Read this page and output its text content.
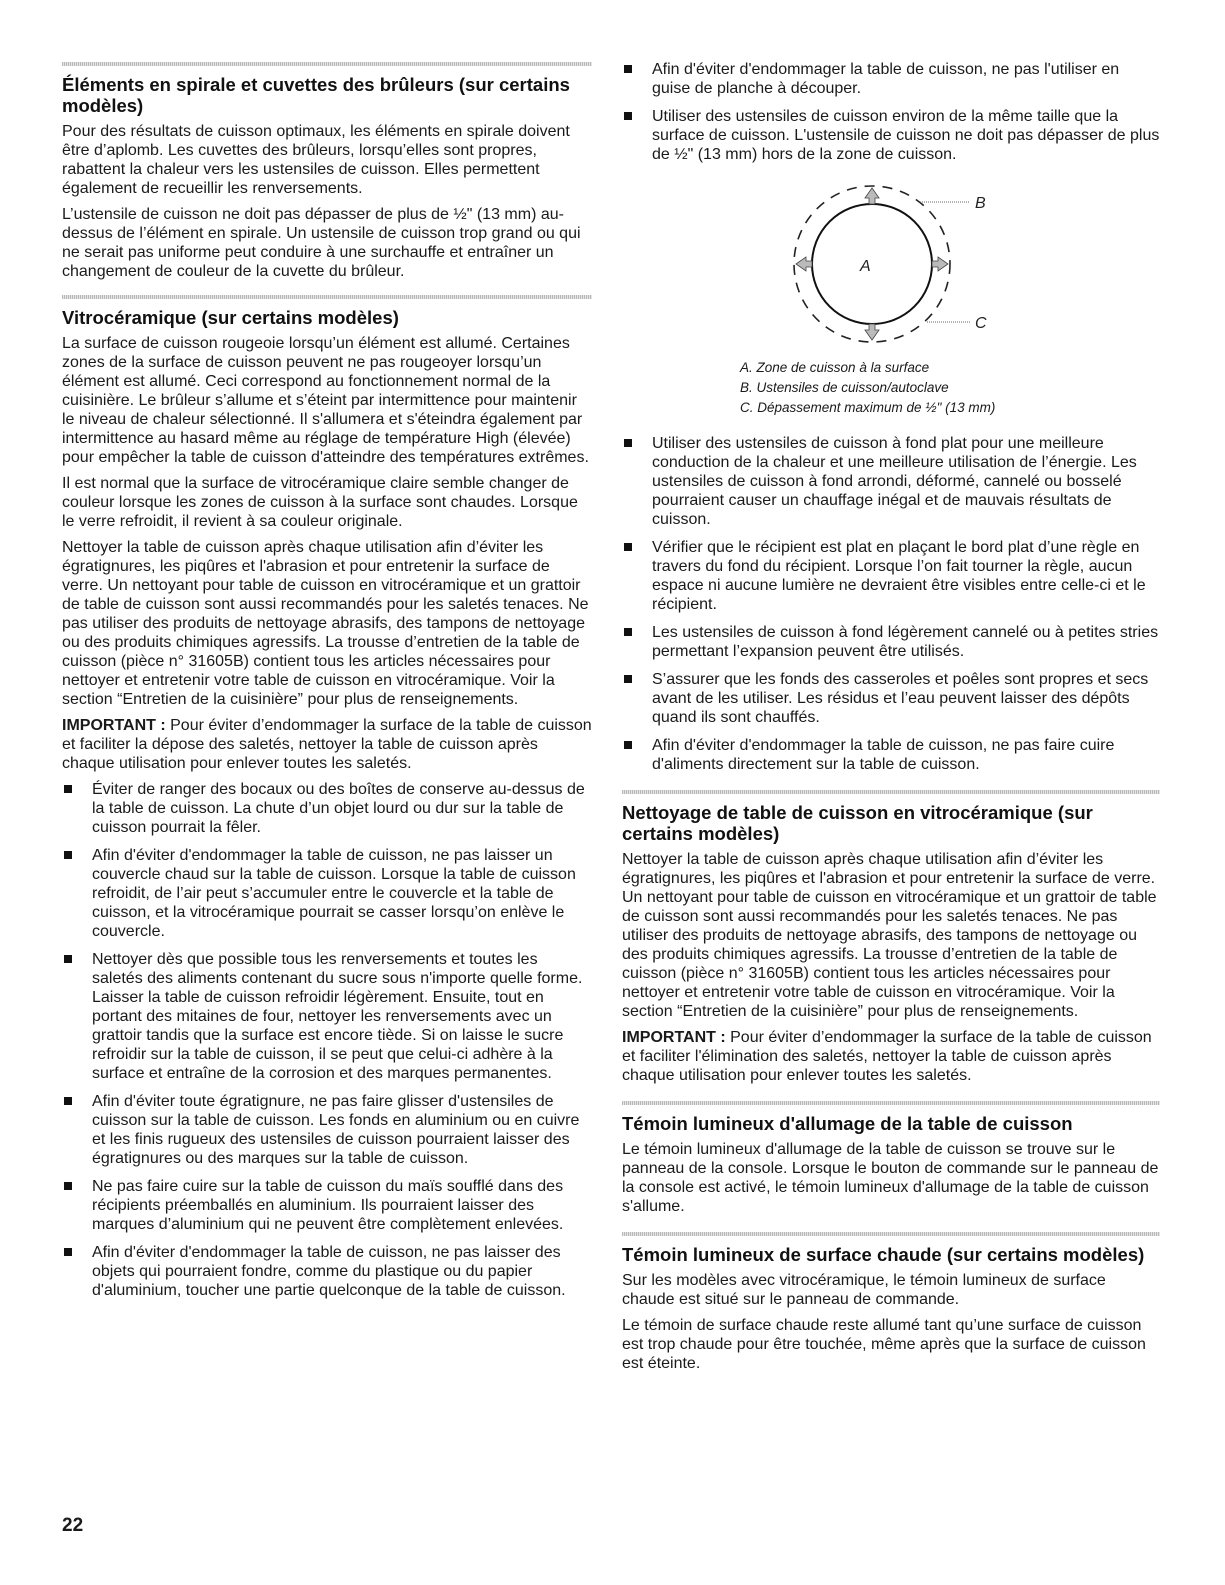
Éléments en spirale et cuvettes des brûleurs (sur certains modèles)

Pour des résultats de cuisson optimaux, les éléments en spirale doivent être d’aplomb. Les cuvettes des brûleurs, lorsqu’elles sont propres, rabattent la chaleur vers les ustensiles de cuisson. Elles permettent également de recueillir les renversements.

L’ustensile de cuisson ne doit pas dépasser de plus de ½" (13 mm) au-dessus de l’élément en spirale. Un ustensile de cuisson trop grand ou qui ne serait pas uniforme peut conduire à une surchauffe et entraîner un changement de couleur de la cuvette du brûleur.

Vitrocéramique (sur certains modèles)

La surface de cuisson rougeoie lorsqu’un élément est allumé. Certaines zones de la surface de cuisson peuvent ne pas rougeoyer lorsqu’un élément est allumé. Ceci correspond au fonctionnement normal de la cuisinière. Le brûleur s’allume et s’éteint par intermittence pour maintenir le niveau de chaleur sélectionné. Il s'allumera et s'éteindra également par intermittence au hasard même au réglage de température High (élevée) pour empêcher la table de cuisson d'atteindre des températures extrêmes.

Il est normal que la surface de vitrocéramique claire semble changer de couleur lorsque les zones de cuisson à la surface sont chaudes. Lorsque le verre refroidit, il revient à sa couleur originale.

Nettoyer la table de cuisson après chaque utilisation afin d’éviter les égratignures, les piqûres et l'abrasion et pour entretenir la surface de verre. Un nettoyant pour table de cuisson en vitrocéramique et un grattoir de table de cuisson sont aussi recommandés pour les saletés tenaces. Ne pas utiliser des produits de nettoyage abrasifs, des tampons de nettoyage ou des produits chimiques agressifs. La trousse d’entretien de la table de cuisson (pièce n° 31605B) contient tous les articles nécessaires pour nettoyer et entretenir votre table de cuisson en vitrocéramique. Voir la section “Entretien de la cuisinière” pour plus de renseignements.

IMPORTANT : Pour éviter d’endommager la surface de la table de cuisson et faciliter la dépose des saletés, nettoyer la table de cuisson après chaque utilisation pour enlever toutes les saletés.

Éviter de ranger des bocaux ou des boîtes de conserve au-dessus de la table de cuisson. La chute d’un objet lourd ou dur sur la table de cuisson pourrait la fêler.
Afin d'éviter d'endommager la table de cuisson, ne pas laisser un couvercle chaud sur la table de cuisson. Lorsque la table de cuisson refroidit, de l’air peut s’accumuler entre le couvercle et la table de cuisson, et la vitrocéramique pourrait se casser lorsqu’on enlève le couvercle.
Nettoyer dès que possible tous les renversements et toutes les saletés des aliments contenant du sucre sous n'importe quelle forme. Laisser la table de cuisson refroidir légèrement. Ensuite, tout en portant des mitaines de four, nettoyer les renversements avec un grattoir tandis que la surface est encore tiède. Si on laisse le sucre refroidir sur la table de cuisson, il se peut que celui-ci adhère à la surface et entraîne de la corrosion et des marques permanentes.
Afin d'éviter toute égratignure, ne pas faire glisser d'ustensiles de cuisson sur la table de cuisson. Les fonds en aluminium ou en cuivre et les finis rugueux des ustensiles de cuisson pourraient laisser des égratignures ou des marques sur la table de cuisson.
Ne pas faire cuire sur la table de cuisson du maïs soufflé dans des récipients préemballés en aluminium. Ils pourraient laisser des marques d’aluminium qui ne peuvent être complètement enlevées.
Afin d'éviter d'endommager la table de cuisson, ne pas laisser des objets qui pourraient fondre, comme du plastique ou du papier d'aluminium, toucher une partie quelconque de la table de cuisson.
Afin d'éviter d'endommager la table de cuisson, ne pas l'utiliser en guise de planche à découper.
Utiliser des ustensiles de cuisson environ de la même taille que la surface de cuisson. L'ustensile de cuisson ne doit pas dépasser de plus de ½" (13 mm) hors de la zone de cuisson.
A
B
C
A. Zone de cuisson à la surface
B. Ustensiles de cuisson/autoclave
C. Dépassement maximum de ½" (13 mm)
Utiliser des ustensiles de cuisson à fond plat pour une meilleure conduction de la chaleur et une meilleure utilisation de l’énergie. Les ustensiles de cuisson à fond arrondi, déformé, cannelé ou bosselé pourraient causer un chauffage inégal et de mauvais résultats de cuisson.
Vérifier que le récipient est plat en plaçant le bord plat d’une règle en travers du fond du récipient. Lorsque l’on fait tourner la règle, aucun espace ni aucune lumière ne devraient être visibles entre celle-ci et le récipient.
Les ustensiles de cuisson à fond légèrement cannelé ou à petites stries permettant l’expansion peuvent être utilisés.
S’assurer que les fonds des casseroles et poêles sont propres et secs avant de les utiliser. Les résidus et l’eau peuvent laisser des dépôts quand ils sont chauffés.
Afin d'éviter d'endommager la table de cuisson, ne pas faire cuire d'aliments directement sur la table de cuisson.
Nettoyage de table de cuisson en vitrocéramique (sur certains modèles)

Nettoyer la table de cuisson après chaque utilisation afin d’éviter les égratignures, les piqûres et l'abrasion et pour entretenir la surface de verre. Un nettoyant pour table de cuisson en vitrocéramique et un grattoir de table de cuisson sont aussi recommandés pour les saletés tenaces. Ne pas utiliser des produits de nettoyage abrasifs, des tampons de nettoyage ou des produits chimiques agressifs. La trousse d’entretien de la table de cuisson (pièce n° 31605B) contient tous les articles nécessaires pour nettoyer et entretenir votre table de cuisson en vitrocéramique. Voir la section “Entretien de la cuisinière” pour plus de renseignements.

IMPORTANT : Pour éviter d’endommager la surface de la table de cuisson et faciliter l'élimination des saletés, nettoyer la table de cuisson après chaque utilisation pour enlever toutes les saletés.

Témoin lumineux d'allumage de la table de cuisson

Le témoin lumineux d'allumage de la table de cuisson se trouve sur le panneau de la console. Lorsque le bouton de commande sur le panneau de la console est activé, le témoin lumineux d'allumage de la table de cuisson s'allume.

Témoin lumineux de surface chaude (sur certains modèles)

Sur les modèles avec vitrocéramique, le témoin lumineux de surface chaude est situé sur le panneau de commande.

Le témoin de surface chaude reste allumé tant qu’une surface de cuisson est trop chaude pour être touchée, même après que la surface de cuisson est éteinte.

22
